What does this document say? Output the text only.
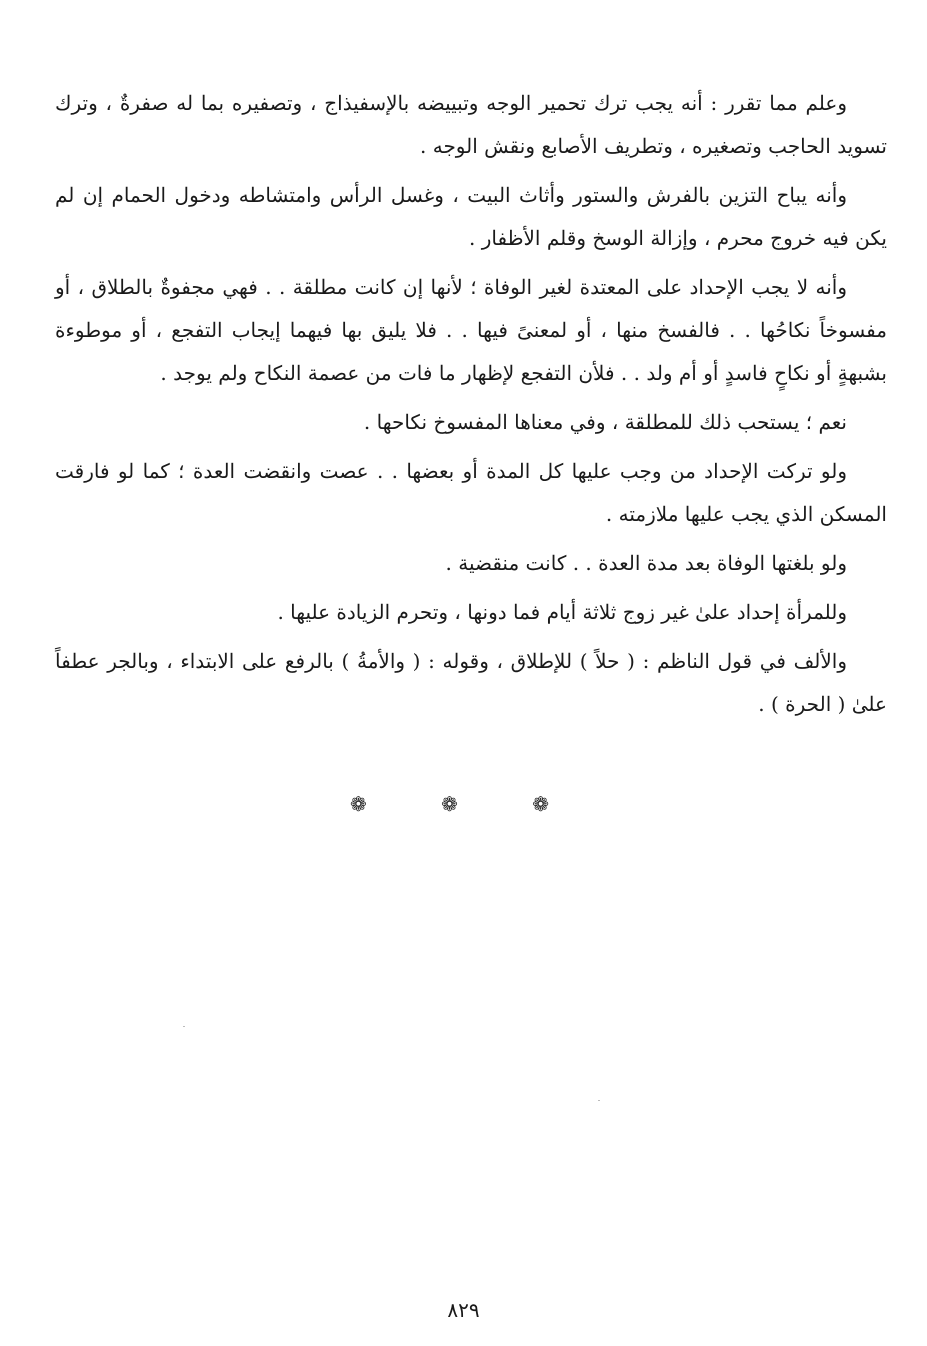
وعلم مما تقرر : أنه يجب ترك تحمير الوجه وتبييضه بالإسفيذاج ، وتصفيره بما له صفرةٌ ، وترك تسويد الحاجب وتصغيره ، وتطريف الأصابع ونقش الوجه .

وأنه يباح التزين بالفرش والستور وأثاث البيت ، وغسل الرأس وامتشاطه ودخول الحمام إن لم يكن فيه خروج محرم ، وإزالة الوسخ وقلم الأظفار .

وأنه لا يجب الإحداد على المعتدة لغير الوفاة ؛ لأنها إن كانت مطلقة . . فهي مجفوةٌ بالطلاق ، أو مفسوخاً نكاحُها . . فالفسخ منها ، أو لمعنىً فيها . . فلا يليق بها فيهما إيجاب التفجع ، أو موطوءة بشبهةٍ أو نكاحٍ فاسدٍ أو أم ولد . . فلأن التفجع لإظهار ما فات من عصمة النكاح ولم يوجد .

نعم ؛ يستحب ذلك للمطلقة ، وفي معناها المفسوخ نكاحها .

ولو تركت الإحداد من وجب عليها كل المدة أو بعضها . . عصت وانقضت العدة ؛ كما لو فارقت المسكن الذي يجب عليها ملازمته .

ولو بلغتها الوفاة بعد مدة العدة . . كانت منقضية .

وللمرأة إحداد علىٰ غير زوج ثلاثة أيام فما دونها ، وتحرم الزيادة عليها .

والألف في قول الناظم : ( حلاً ) للإطلاق ، وقوله : ( والأمةُ ) بالرفع على الابتداء ، وبالجر عطفاً علىٰ ( الحرة ) .

❁ ❁ ❁
٨٢٩
